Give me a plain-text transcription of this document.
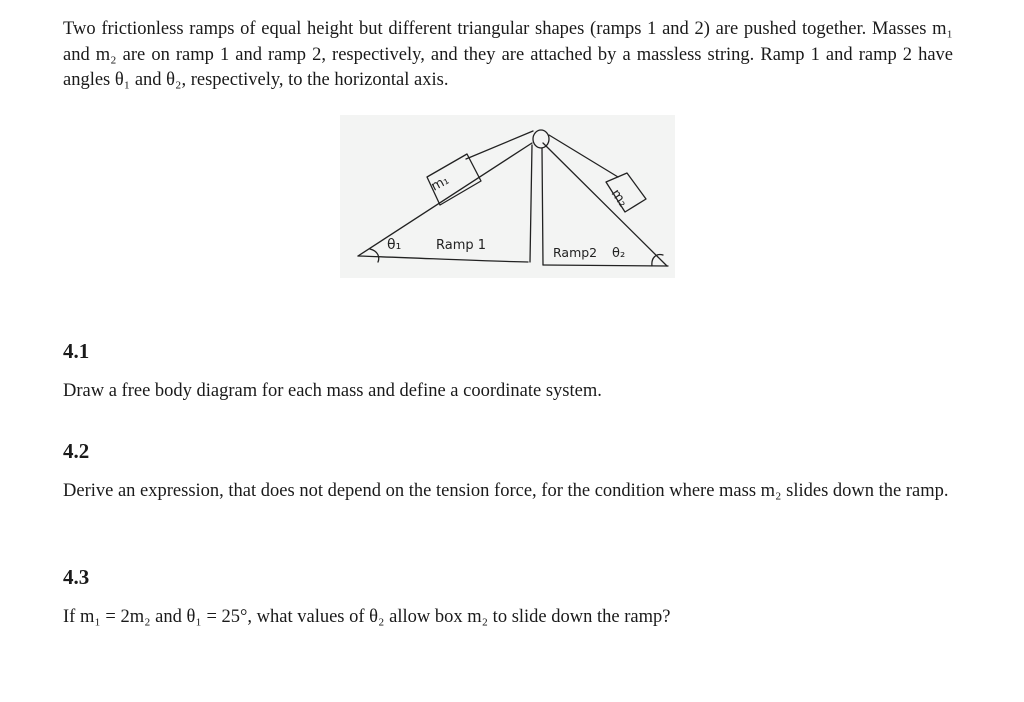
Two frictionless ramps of equal height but different triangular shapes (ramps 1 and 2) are pushed together. Masses m₁ and m₂ are on ramp 1 and ramp 2, respectively, and they are attached by a massless string. Ramp 1 and ramp 2 have angles θ₁ and θ₂, respectively, to the horizontal axis.
m₁
m₂
θ₁	Ramp 1	Ramp2 θ₂
4.1
Draw a free body diagram for each mass and define a coordinate system.
4.2
Derive an expression, that does not depend on the tension force, for the condition where mass m₂ slides down the ramp.
4.3
If m₁ = 2m₂ and θ₁ = 25°, what values of θ₂ allow box m₂ to slide down the ramp?
